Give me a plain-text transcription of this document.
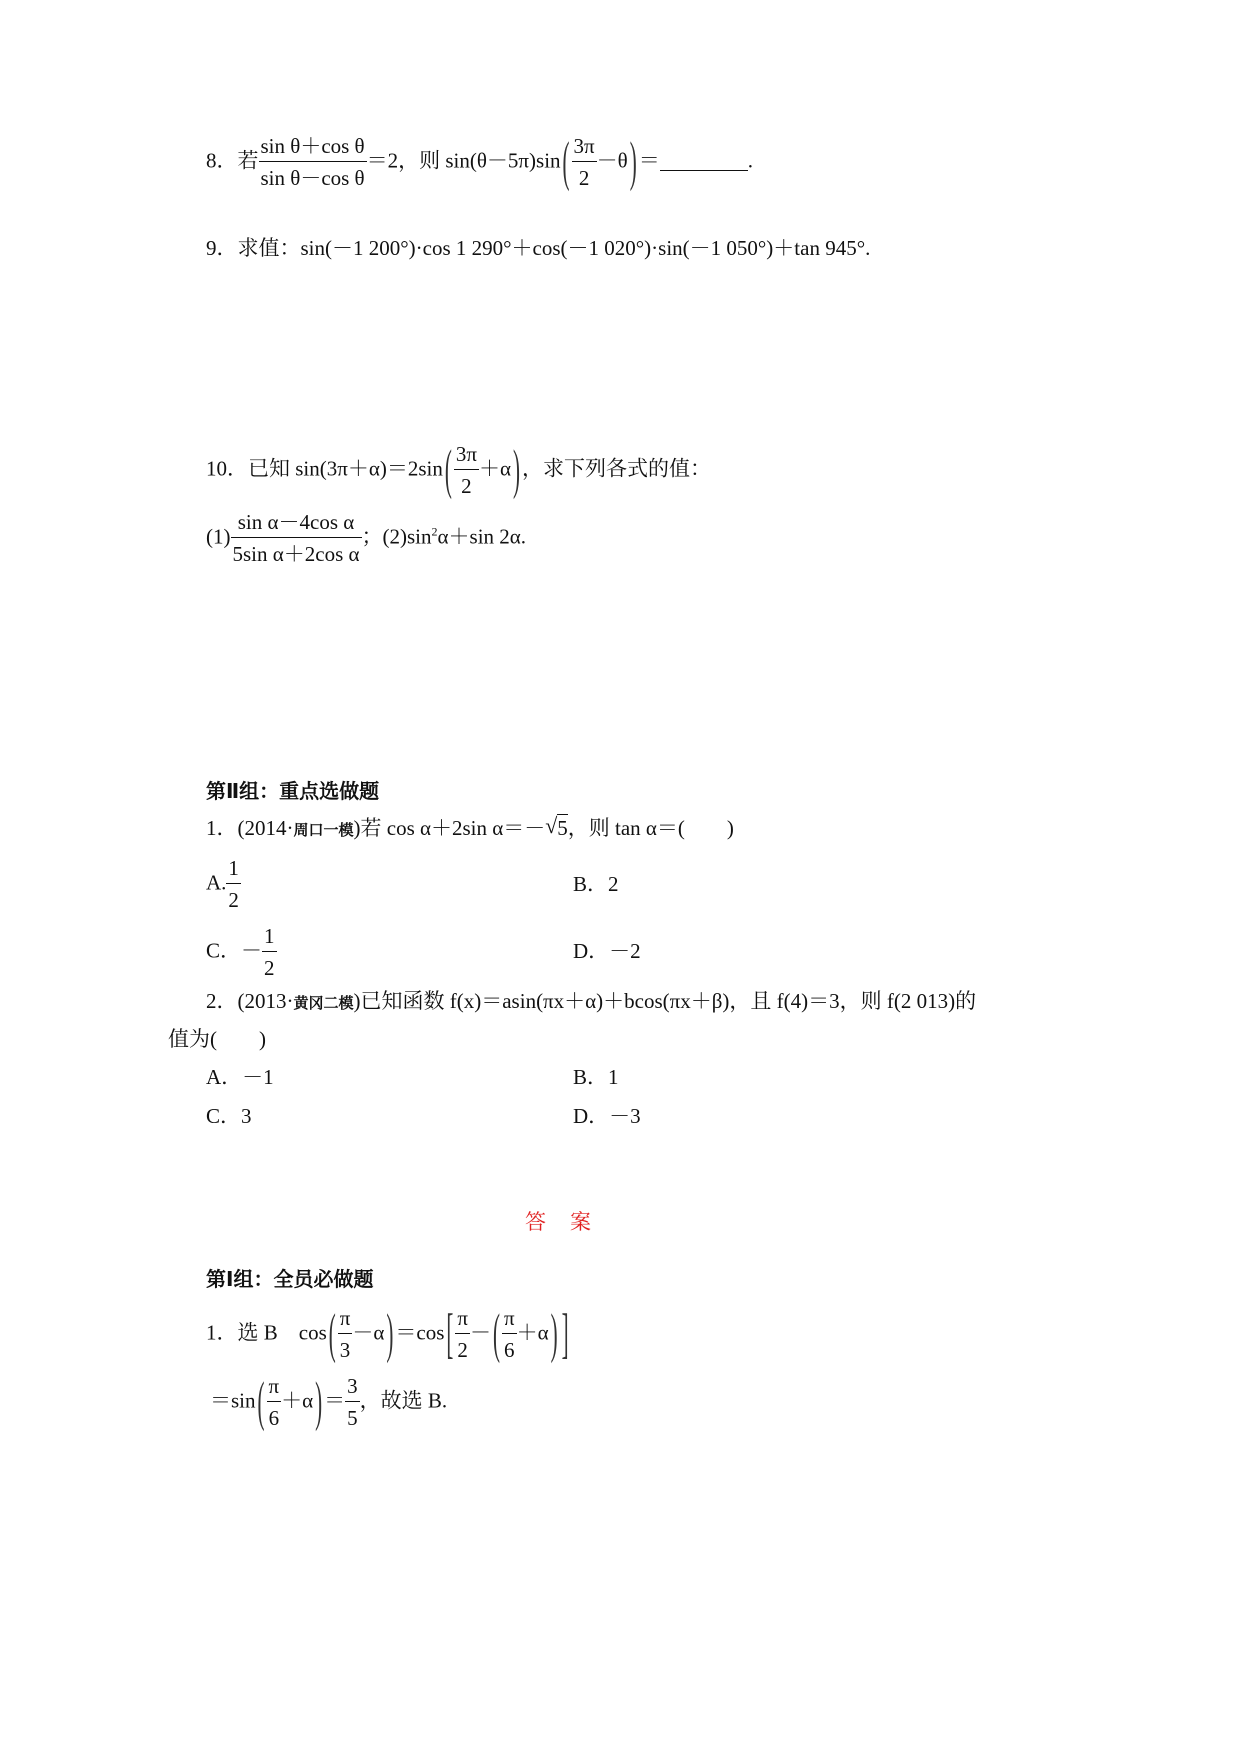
8．若 $\frac{\text{sin θ＋cos θ}}{\text{sin θ－cos θ}} =2$，则 $\sin(\theta-5\pi)\sin( \frac{3\pi}{2} -\theta)=$	.
9．求值：sin(－1 200°)·cos 1 290°＋cos(－1 020°)·sin(－1 050°)＋tan 945°.
10．已知 $\sin(3\pi+\alpha)=2\sin( \frac{3\pi}{2} +\alpha)$，求下列各式的值：
$(1) \frac{\text{sin α－4cos α}}{\text{5sin α＋2cos α}}$ ；$(2)\sin^2\alpha+\sin$ 2α.
第Ⅱ组：重点选做题
1．(2014·周口一模)若 cos α＋2sin α＝－ √ 5，则 tan α＝(　　)
A. $\frac{1}{2}$	B．2
C．－ $\frac{1}{2}$	D．－2
2．(2013·黄冈二模)已知函数 f(x)＝asin(πx＋α)＋bcos(πx＋β)，且 f(4)＝3，则 f(2 013)的
值为(　　)
A．－1	B．1
C．3	D．－3
答案
第Ⅰ组：全员必做题
1．选 B　$\cos( \frac{\pi}{3} -\alpha)=\cos[ \frac{\pi}{2}$ －( $\frac{\pi}{6} +\alpha$) ]
$=\sin( \frac{\pi}{6} +\alpha)= \frac{3}{5}$ ，故选 B.
